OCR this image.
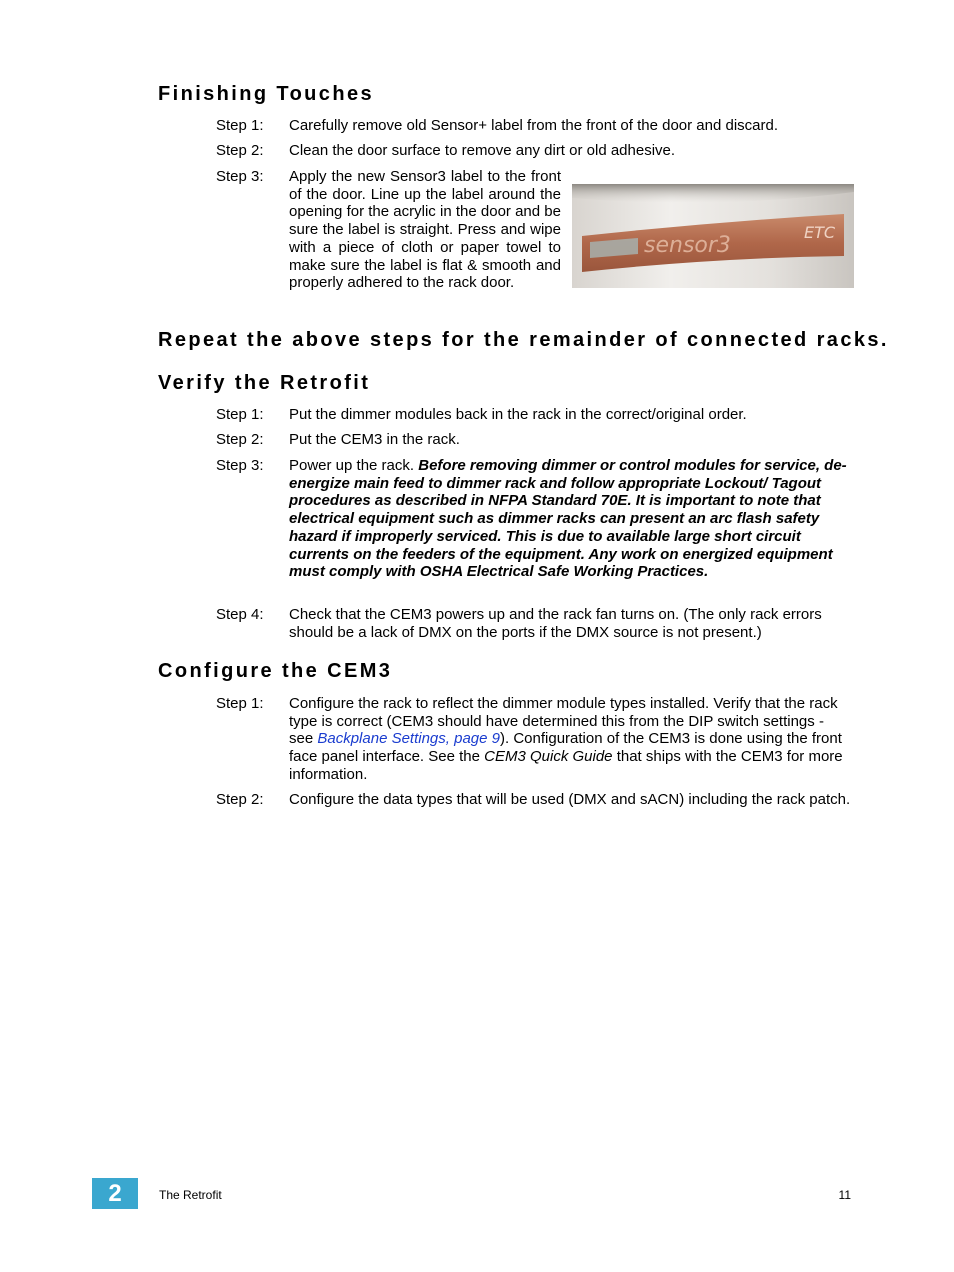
Finishing Touches
Step 1:	Carefully remove old Sensor+ label from the front of the door and discard.
Step 2:	Clean the door surface to remove any dirt or old adhesive.
Step 3:	Apply the new Sensor3 label to the front of the door. Line up the label around the opening for the acrylic in the door and be sure the label is straight. Press and wipe with a piece of cloth or paper towel to make sure the label is flat & smooth and properly adhered to the rack door.
sensor3
ETC
Repeat the above steps for the remainder of connected racks.
Verify the Retrofit
Step 1:	Put the dimmer modules back in the rack in the correct/original order.
Step 2:	Put the CEM3 in the rack.
Step 3:	Power up the rack. Before removing dimmer or control modules for service, de-energize main feed to dimmer rack and follow appropriate Lockout/ Tagout procedures as described in NFPA Standard 70E. It is important to note that electrical equipment such as dimmer racks can present an arc flash safety hazard if improperly serviced. This is due to available large short circuit currents on the feeders of the equipment. Any work on energized equipment must comply with OSHA Electrical Safe Working Practices.
Step 4:	Check that the CEM3 powers up and the rack fan turns on. (The only rack errors should be a lack of DMX on the ports if the DMX source is not present.)
Configure the CEM3
Step 1:	Configure the rack to reflect the dimmer module types installed. Verify that the rack type is correct (CEM3 should have determined this from the DIP switch settings - see Backplane Settings, page 9). Configuration of the CEM3 is done using the front face panel interface. See the CEM3 Quick Guide that ships with the CEM3 for more information.
Step 2:	Configure the data types that will be used (DMX and sACN) including the rack patch.
2	The Retrofit	11
